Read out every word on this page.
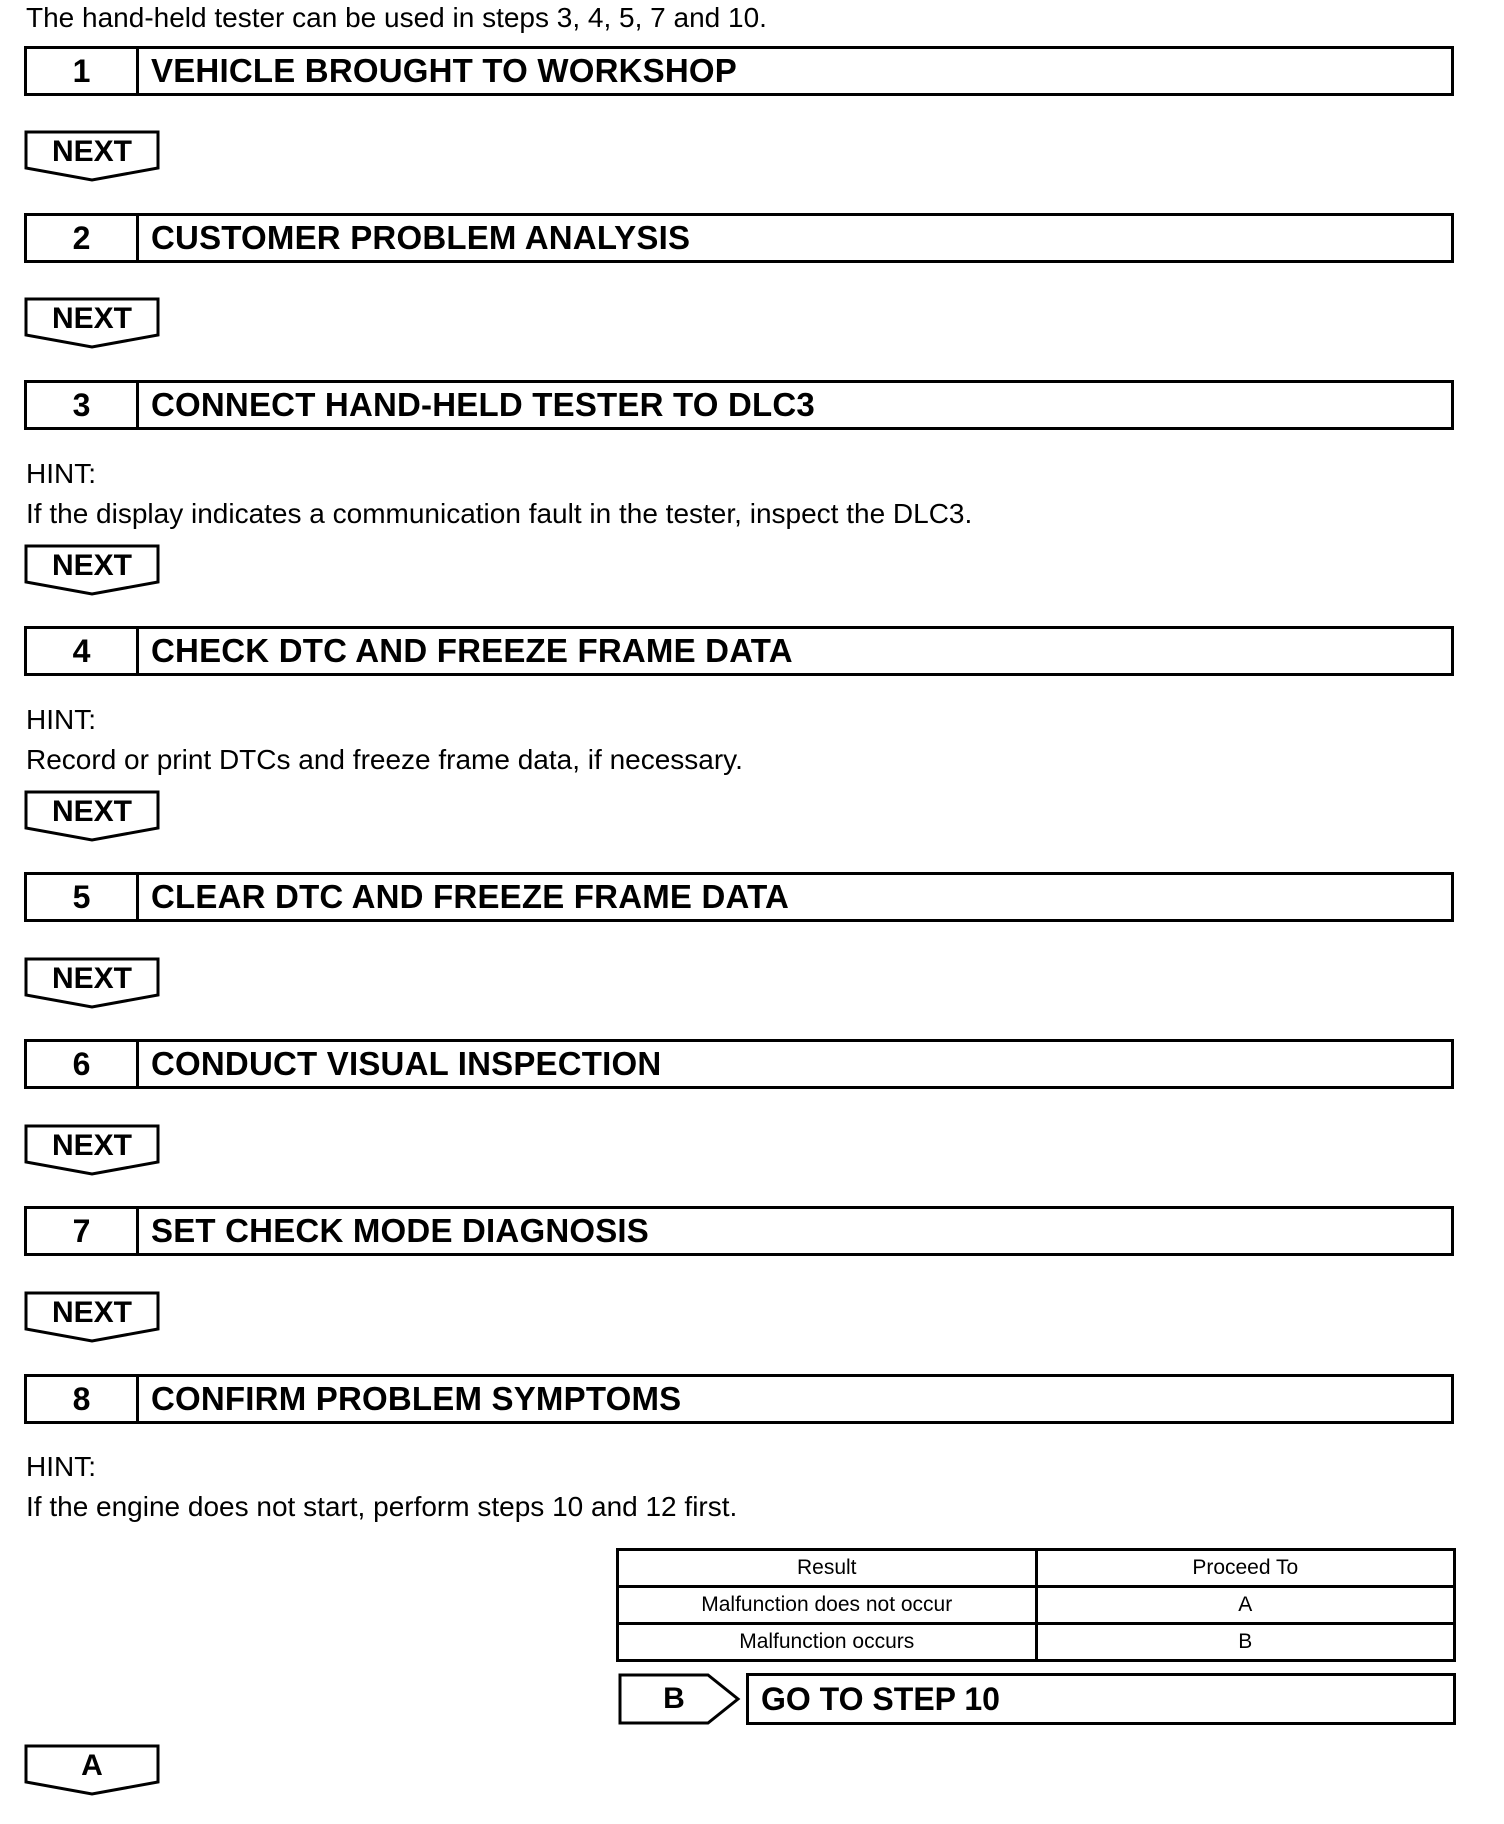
The hand-held tester can be used in steps 3, 4, 5, 7 and 10.
1	VEHICLE BROUGHT TO WORKSHOP
NEXT
2	CUSTOMER PROBLEM ANALYSIS
NEXT
3	CONNECT HAND-HELD TESTER TO DLC3
HINT:
If the display indicates a communication fault in the tester, inspect the DLC3.
NEXT
4	CHECK DTC AND FREEZE FRAME DATA
HINT:
Record or print DTCs and freeze frame data, if necessary.
NEXT
5	CLEAR DTC AND FREEZE FRAME DATA
NEXT
6	CONDUCT VISUAL INSPECTION
NEXT
7	SET CHECK MODE DIAGNOSIS
NEXT
8	CONFIRM PROBLEM SYMPTOMS
HINT:
If the engine does not start, perform steps 10 and 12 first.
Result	Proceed To
Malfunction does not occur	A
Malfunction occurs	B
B	GO TO STEP 10
A
